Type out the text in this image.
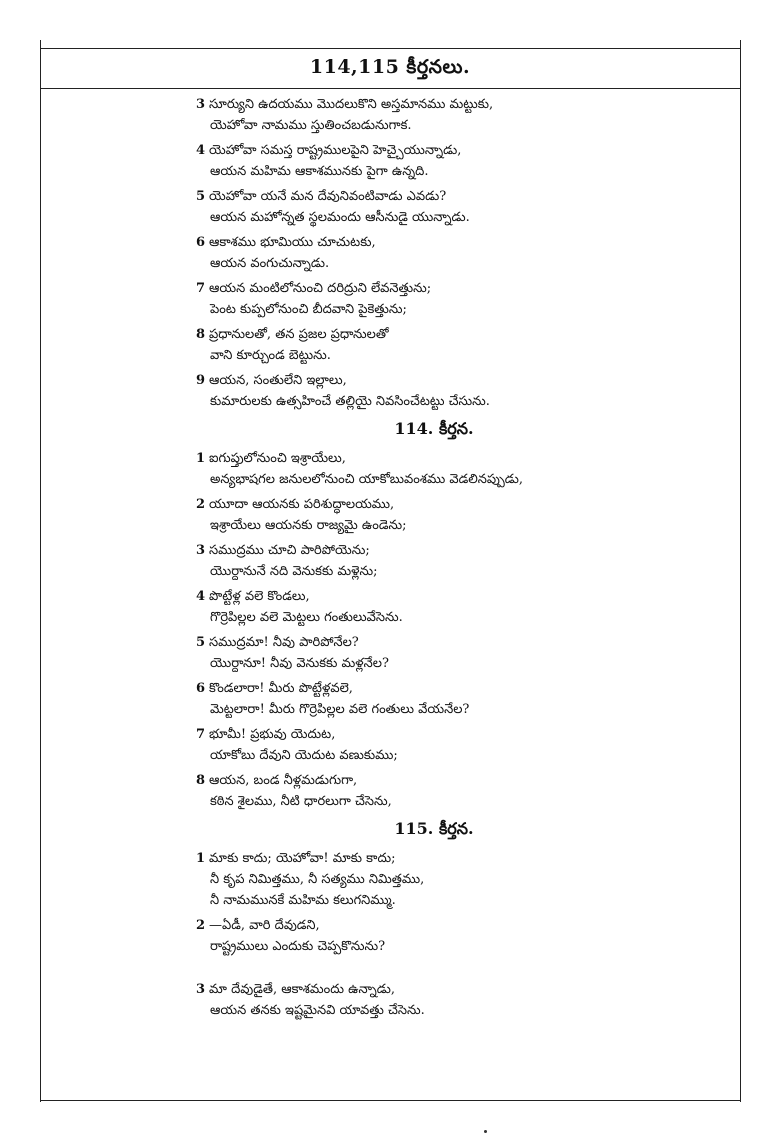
114,115 కీర్తనలు.
3 సూర్యుని ఉదయము మొదలుకొని అస్తమానము మట్టుకు,
యెహోవా నామము స్తుతించబడునుగాక.
4 యెహోవా సమస్త రాష్ట్రములపైని హెచ్చైయున్నాడు,
ఆయన మహిమ ఆకాశమునకు పైగా ఉన్నది.
5 యెహోవా యనే మన దేవునివంటివాడు ఎవడు?
ఆయన మహోన్నత స్థలమందు ఆసీనుడై యున్నాడు.
6 ఆకాశము భూమియు చూచుటకు,
ఆయన వంగుచున్నాడు.
7 ఆయన మంటిలోనుంచి దరిద్రుని లేవనెత్తును;
పెంట కుప్పలోనుంచి బీదవాని పైకెత్తును;
8 ప్రధానులతో, తన ప్రజల ప్రధానులతో
వాని కూర్చుండ బెట్టును.
9 ఆయన, సంతులేని ఇల్లాలు,
కుమారులకు ఉత్సహించే తల్లియై నివసించేటట్టు చేసును.
114. కీర్తన.
1 ఐగుప్తులోనుంచి ఇశ్రాయేలు,
అన్యభాషగల జనులలోనుంచి యాకోబువంశము వెడలినప్పుడు,
2 యూదా ఆయనకు పరిశుద్ధాలయము,
ఇశ్రాయేలు ఆయనకు రాజ్యమై ఉండెను;
3 సముద్రము చూచి పారిపోయెను;
యొర్దానునే నది వెనుకకు మళ్లెను;
4 పొట్టేళ్ల వలె కొండలు,
గొర్రెపిల్లల వలె మెట్టలు గంతులువేసెను.
5 సముద్రమా! నీవు పారిపోనేల?
యొర్దానూ! నీవు వెనుకకు మళ్లనేల?
6 కొండలారా! మీరు పొట్టేళ్లవలె,
మెట్టలారా! మీరు గొర్రెపిల్లల వలె గంతులు వేయనేల?
7 భూమీ! ప్రభువు యెదుట,
యాకోబు దేవుని యెదుట వణుకుము;
8 ఆయన, బండ నీళ్లమడుగుగా,
కఠిన శైలము, నీటి ధారలుగా చేసెను,
115. కీర్తన.
1 మాకు కాదు; యెహోవా! మాకు కాదు;
నీ కృప నిమిత్తము, నీ సత్యము నిమిత్తము,
నీ నామమునకే మహిమ కలుగనిమ్ము.
2 —ఏడీ, వారి దేవుడని,
రాష్ట్రములు ఎందుకు చెప్పకొనును?
3 మా దేవుడైతే, ఆకాశమందు ఉన్నాడు,
ఆయన తనకు ఇష్టమైనవి యావత్తు చేసెను.
